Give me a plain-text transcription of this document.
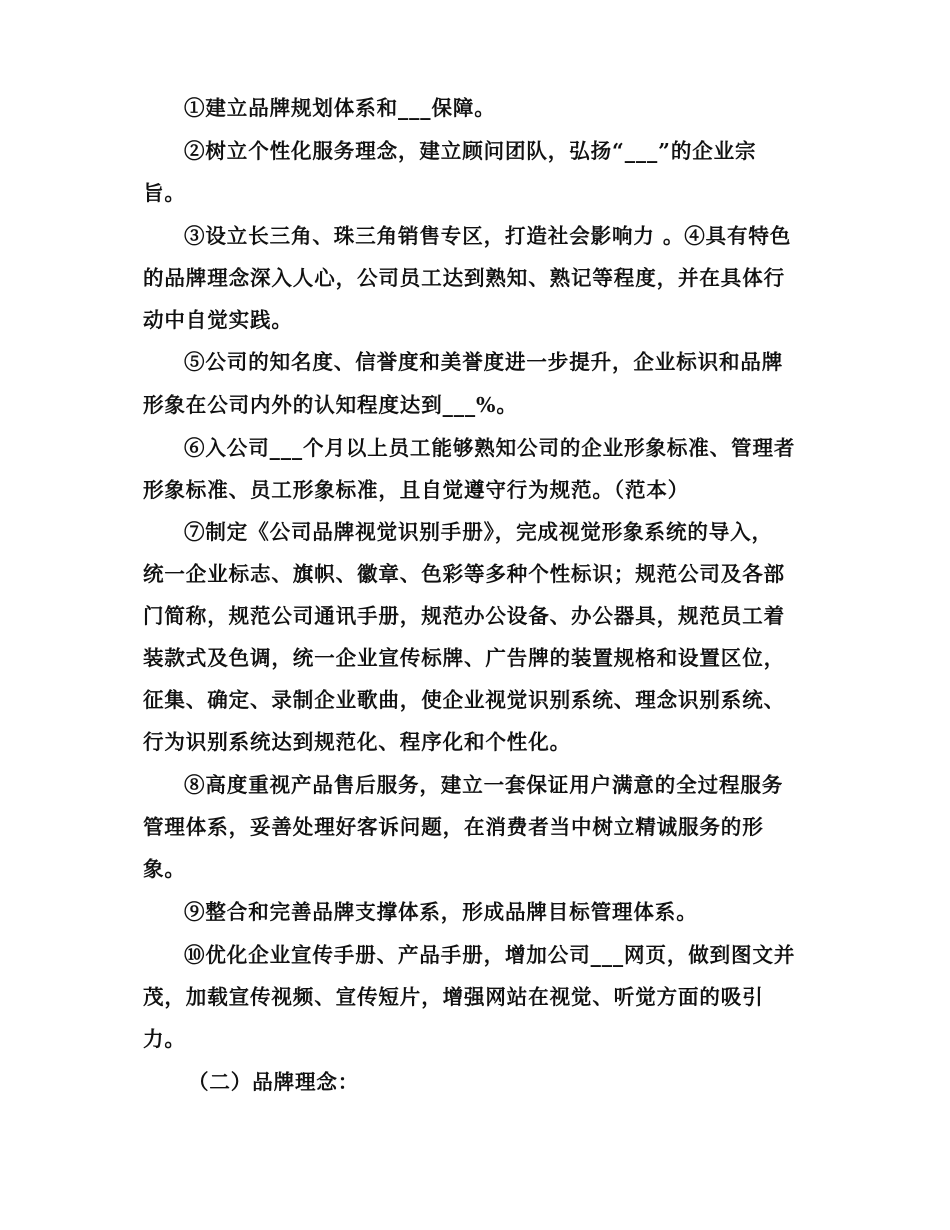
①建立品牌规划体系和___保障。
②树立个性化服务理念，建立顾问团队，弘扬“___”的企业宗
旨。
③设立长三角、珠三角销售专区，打造社会影响力 。④具有特色
的品牌理念深入人心，公司员工达到熟知、熟记等程度，并在具体行
动中自觉实践。
⑤公司的知名度、信誉度和美誉度进一步提升，企业标识和品牌
形象在公司内外的认知程度达到___%。
⑥入公司___个月以上员工能够熟知公司的企业形象标准、管理者
形象标准、员工形象标准，且自觉遵守行为规范。（范本）
⑦制定《公司品牌视觉识别手册》，完成视觉形象系统的导入，
统一企业标志、旗帜、徽章、色彩等多种个性标识；规范公司及各部
门简称，规范公司通讯手册，规范办公设备、办公器具，规范员工着
装款式及色调，统一企业宣传标牌、广告牌的装置规格和设置区位，
征集、确定、录制企业歌曲，使企业视觉识别系统、理念识别系统、
行为识别系统达到规范化、程序化和个性化。
⑧高度重视产品售后服务，建立一套保证用户满意的全过程服务
管理体系，妥善处理好客诉问题，在消费者当中树立精诚服务的形
象。
⑨整合和完善品牌支撑体系，形成品牌目标管理体系。
⑩优化企业宣传手册、产品手册，增加公司___网页，做到图文并
茂，加载宣传视频、宣传短片，增强网站在视觉、听觉方面的吸引
力。
（二）品牌理念：
